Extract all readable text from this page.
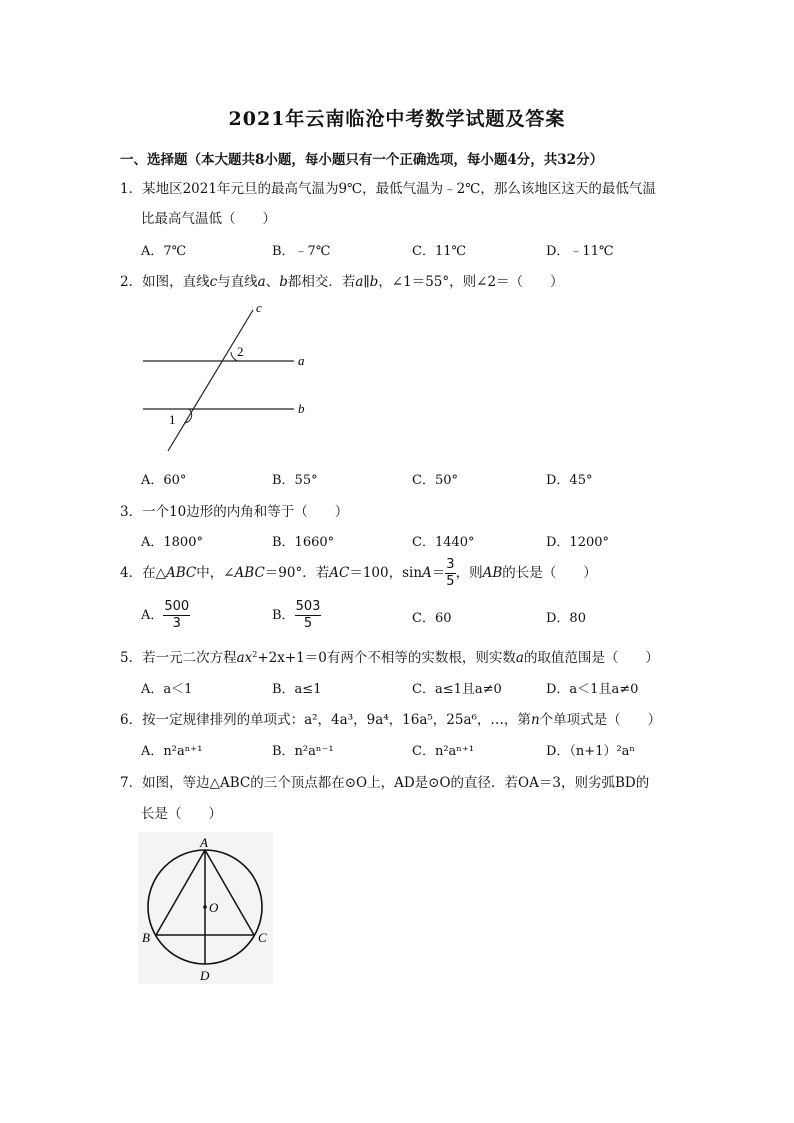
2021年云南临沧中考数学试题及答案
一、选择题（本大题共8小题，每小题只有一个正确选项，每小题4分，共32分）
1．某地区2021年元旦的最高气温为9℃，最低气温为﹣2℃，那么该地区这天的最低气温
比最高气温低（　　）
A．7℃	B．﹣7℃	C．11℃	D．﹣11℃
2．如图，直线c与直线a、b都相交．若a∥b，∠1＝55°，则∠2＝（　　）
c
a
b
2
1
A．60°	B．55°	C．50°	D．45°
3．一个10边形的内角和等于（　　）
A．1800°	B．1660°	C．1440°	D．1200°
4．在△ABC中，∠ABC＝90°．若AC＝100，$\sin A= \frac{3}{5}$ ，则AB的长是（　　）
A． $\frac{500}{3}$	B． $\frac{503}{5}$	C．60	D．80
5．若一元二次方程$ax^2+2x+1=0$有两个不相等的实数根，则实数a的取值范围是（　　）
A．a＜1	B．a≤1	C．a≤1且a≠0	D．a＜1且a≠0
6．按一定规律排列的单项式：a²，4a³，9a⁴，16a⁵，25a⁶，…，第n个单项式是（　　）
A．n²aⁿ⁺¹	B．n²aⁿ⁻¹	C．n²aⁿ⁺¹	D．（n+1）²aⁿ
7．如图，等边△ABC的三个顶点都在⊙O上，AD是⊙O的直径．若OA＝3，则劣弧BD的
长是（　　）
A
B	C
D
O
